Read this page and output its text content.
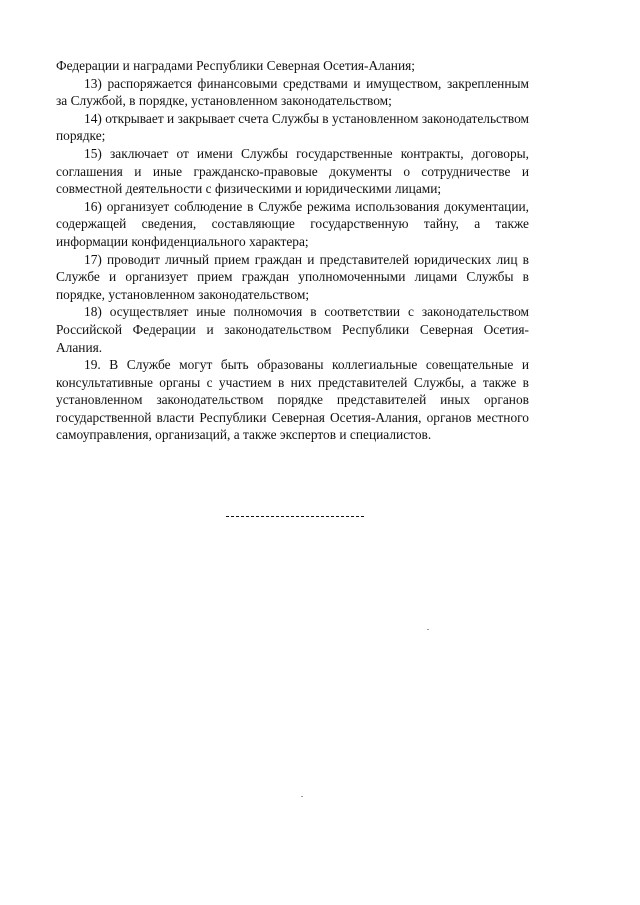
Федерации и наградами Республики Северная Осетия-Алания;

13) распоряжается финансовыми средствами и имуществом, закрепленным за Службой, в порядке, установленном законодательством;

14) открывает и закрывает счета Службы в установленном законодательством порядке;

15) заключает от имени Службы государственные контракты, договоры, соглашения и иные гражданско-правовые документы о сотрудничестве и совместной деятельности с физическими и юридическими лицами;

16) организует соблюдение в Службе режима использования документации, содержащей сведения, составляющие государственную тайну, а также информации конфиденциального характера;

17) проводит личный прием граждан и представителей юридических лиц в Службе и организует прием граждан уполномоченными лицами Службы в порядке, установленном законодательством;

18) осуществляет иные полномочия в соответствии с законодательством Российской Федерации и законодательством Республики Северная Осетия-Алания.

19. В Службе могут быть образованы коллегиальные совещательные и консультативные органы с участием в них представителей Службы, а также в установленном законодательством порядке представителей иных органов государственной власти Республики Северная Осетия-Алания, органов местного самоуправления, организаций, а также экспертов и специалистов.
